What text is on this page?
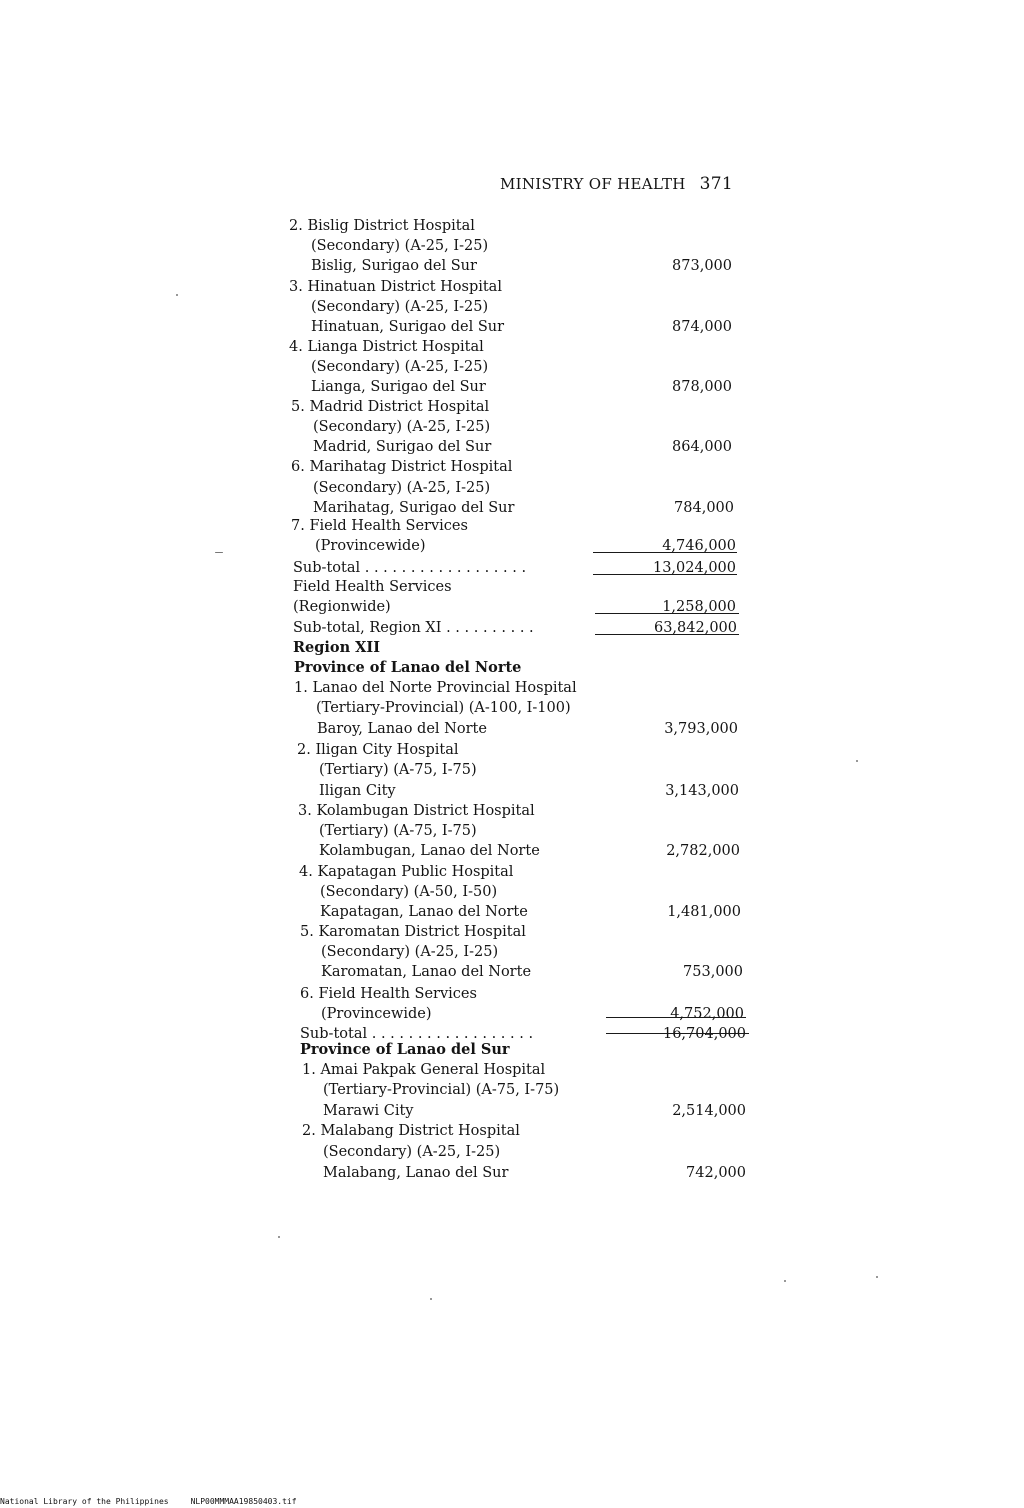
MINISTRY OF HEALTH 371
2. Bislig District Hospital
(Secondary) (A-25, I-25)
Bislig, Surigao del Sur	873,000
3. Hinatuan District Hospital
(Secondary) (A-25, I-25)
Hinatuan, Surigao del Sur	874,000
4. Lianga District Hospital
(Secondary) (A-25, I-25)
Lianga, Surigao del Sur	878,000
5. Madrid District Hospital
(Secondary) (A-25, I-25)
Madrid, Surigao del Sur	864,000
6. Marihatag District Hospital
(Secondary) (A-25, I-25)
Marihatag, Surigao del Sur	784,000
7. Field Health Services
(Provincewide)	4,746,000
Sub-total . . . . . . . . . . . . . . . . . .	13,024,000
Field Health Services
(Regionwide)	1,258,000
Sub-total, Region XI . . . . . . . . . .	63,842,000
Region XII
Province of Lanao del Norte
1. Lanao del Norte Provincial Hospital
(Tertiary-Provincial) (A-100, I-100)
Baroy, Lanao del Norte	3,793,000
2. Iligan City Hospital
(Tertiary) (A-75, I-75)
Iligan City	3,143,000
3. Kolambugan District Hospital
(Tertiary) (A-75, I-75)
Kolambugan, Lanao del Norte	2,782,000
4. Kapatagan Public Hospital
(Secondary) (A-50, I-50)
Kapatagan, Lanao del Norte	1,481,000
5. Karomatan District Hospital
(Secondary) (A-25, I-25)
Karomatan, Lanao del Norte	753,000
6. Field Health Services
(Provincewide)	4,752,000
Sub-total . . . . . . . . . . . . . . . . . .	16,704,000
Province of Lanao del Sur
1. Amai Pakpak General Hospital
(Tertiary-Provincial) (A-75, I-75)
Marawi City	2,514,000
2. Malabang District Hospital
(Secondary) (A-25, I-25)
Malabang, Lanao del Sur	742,000
National Library of the Philippines	NLP00MMMAA19850403.tif
